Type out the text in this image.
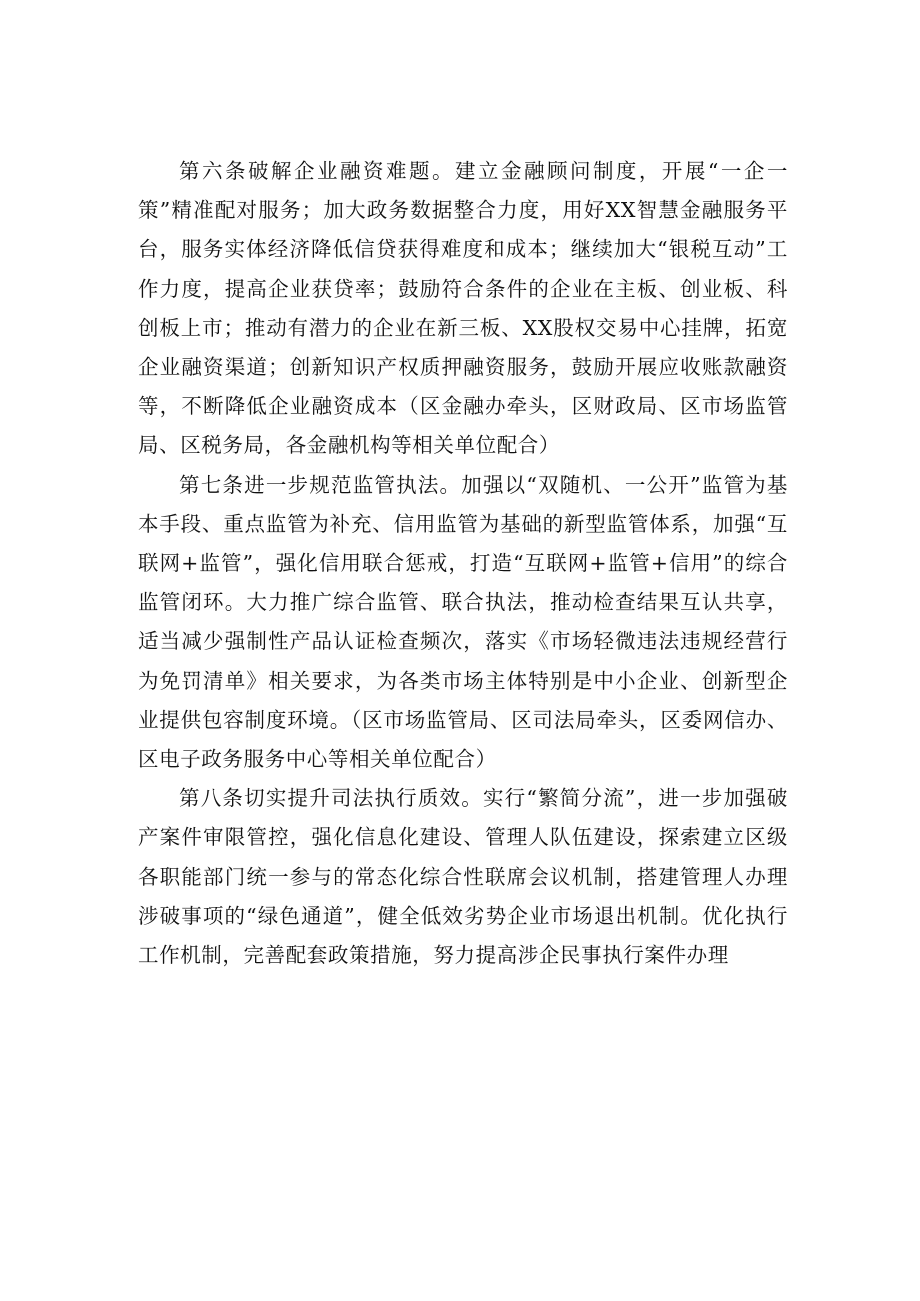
第六条破解企业融资难题。建立金融顾问制度，开展“一企一策”精准配对服务；加大政务数据整合力度，用好XX智慧金融服务平台，服务实体经济降低信贷获得难度和成本；继续加大“银税互动”工作力度，提高企业获贷率；鼓励符合条件的企业在主板、创业板、科创板上市；推动有潜力的企业在新三板、XX股权交易中心挂牌，拓宽企业融资渠道；创新知识产权质押融资服务，鼓励开展应收账款融资等，不断降低企业融资成本（区金融办牵头，区财政局、区市场监管局、区税务局，各金融机构等相关单位配合）

第七条进一步规范监管执法。加强以“双随机、一公开”监管为基本手段、重点监管为补充、信用监管为基础的新型监管体系，加强“互联网+监管”，强化信用联合惩戒，打造“互联网+监管+信用”的综合监管闭环。大力推广综合监管、联合执法，推动检查结果互认共享，适当减少强制性产品认证检查频次，落实《市场轻微违法违规经营行为免罚清单》相关要求，为各类市场主体特别是中小企业、创新型企业提供包容制度环境。（区市场监管局、区司法局牵头，区委网信办、区电子政务服务中心等相关单位配合）

第八条切实提升司法执行质效。实行“繁简分流”，进一步加强破产案件审限管控，强化信息化建设、管理人队伍建设，探索建立区级各职能部门统一参与的常态化综合性联席会议机制，搭建管理人办理涉破事项的“绿色通道”，健全低效劣势企业市场退出机制。优化执行工作机制，完善配套政策措施，努力提高涉企民事执行案件办理
